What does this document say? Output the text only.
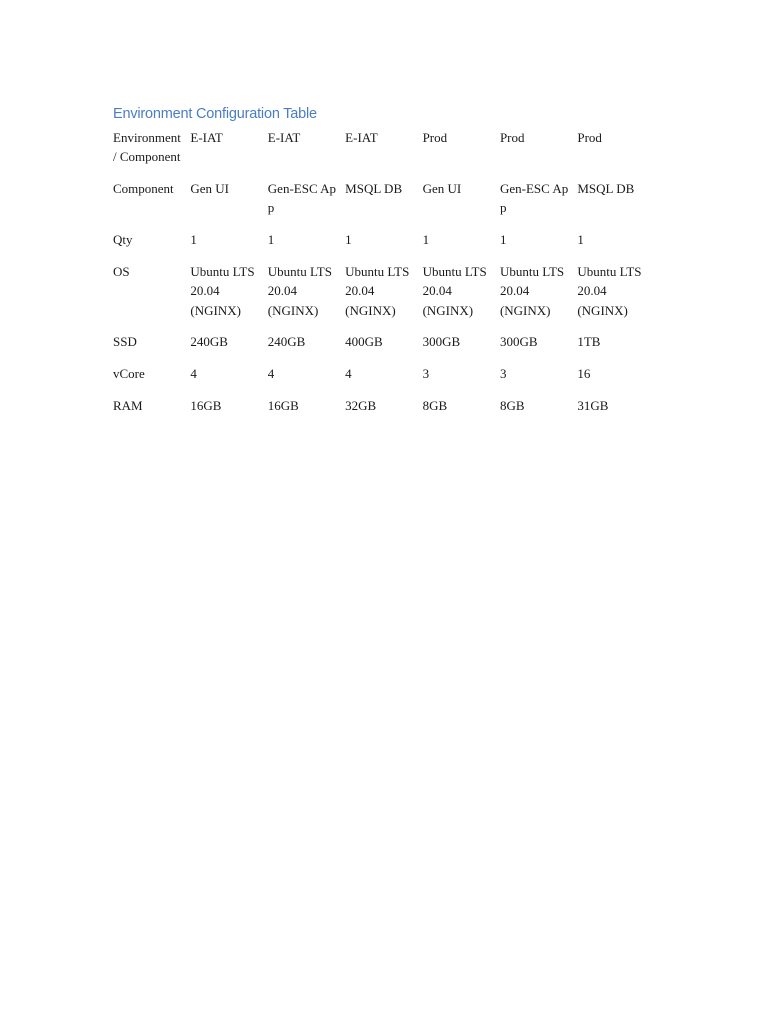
Environment Configuration Table
Environment / Component	E-IAT	E-IAT	E-IAT	Prod	Prod	Prod
Component	Gen UI	Gen-ESC App	MSQL DB	Gen UI	Gen-ESC App	MSQL DB
Qty	1	1	1	1	1	1
OS	Ubuntu LTS 20.04 (NGINX)	Ubuntu LTS 20.04 (NGINX)	Ubuntu LTS 20.04 (NGINX)	Ubuntu LTS 20.04 (NGINX)	Ubuntu LTS 20.04 (NGINX)	Ubuntu LTS 20.04 (NGINX)
SSD	240GB	240GB	400GB	300GB	300GB	1TB
vCore	4	4	4	3	3	16
RAM	16GB	16GB	32GB	8GB	8GB	31GB
